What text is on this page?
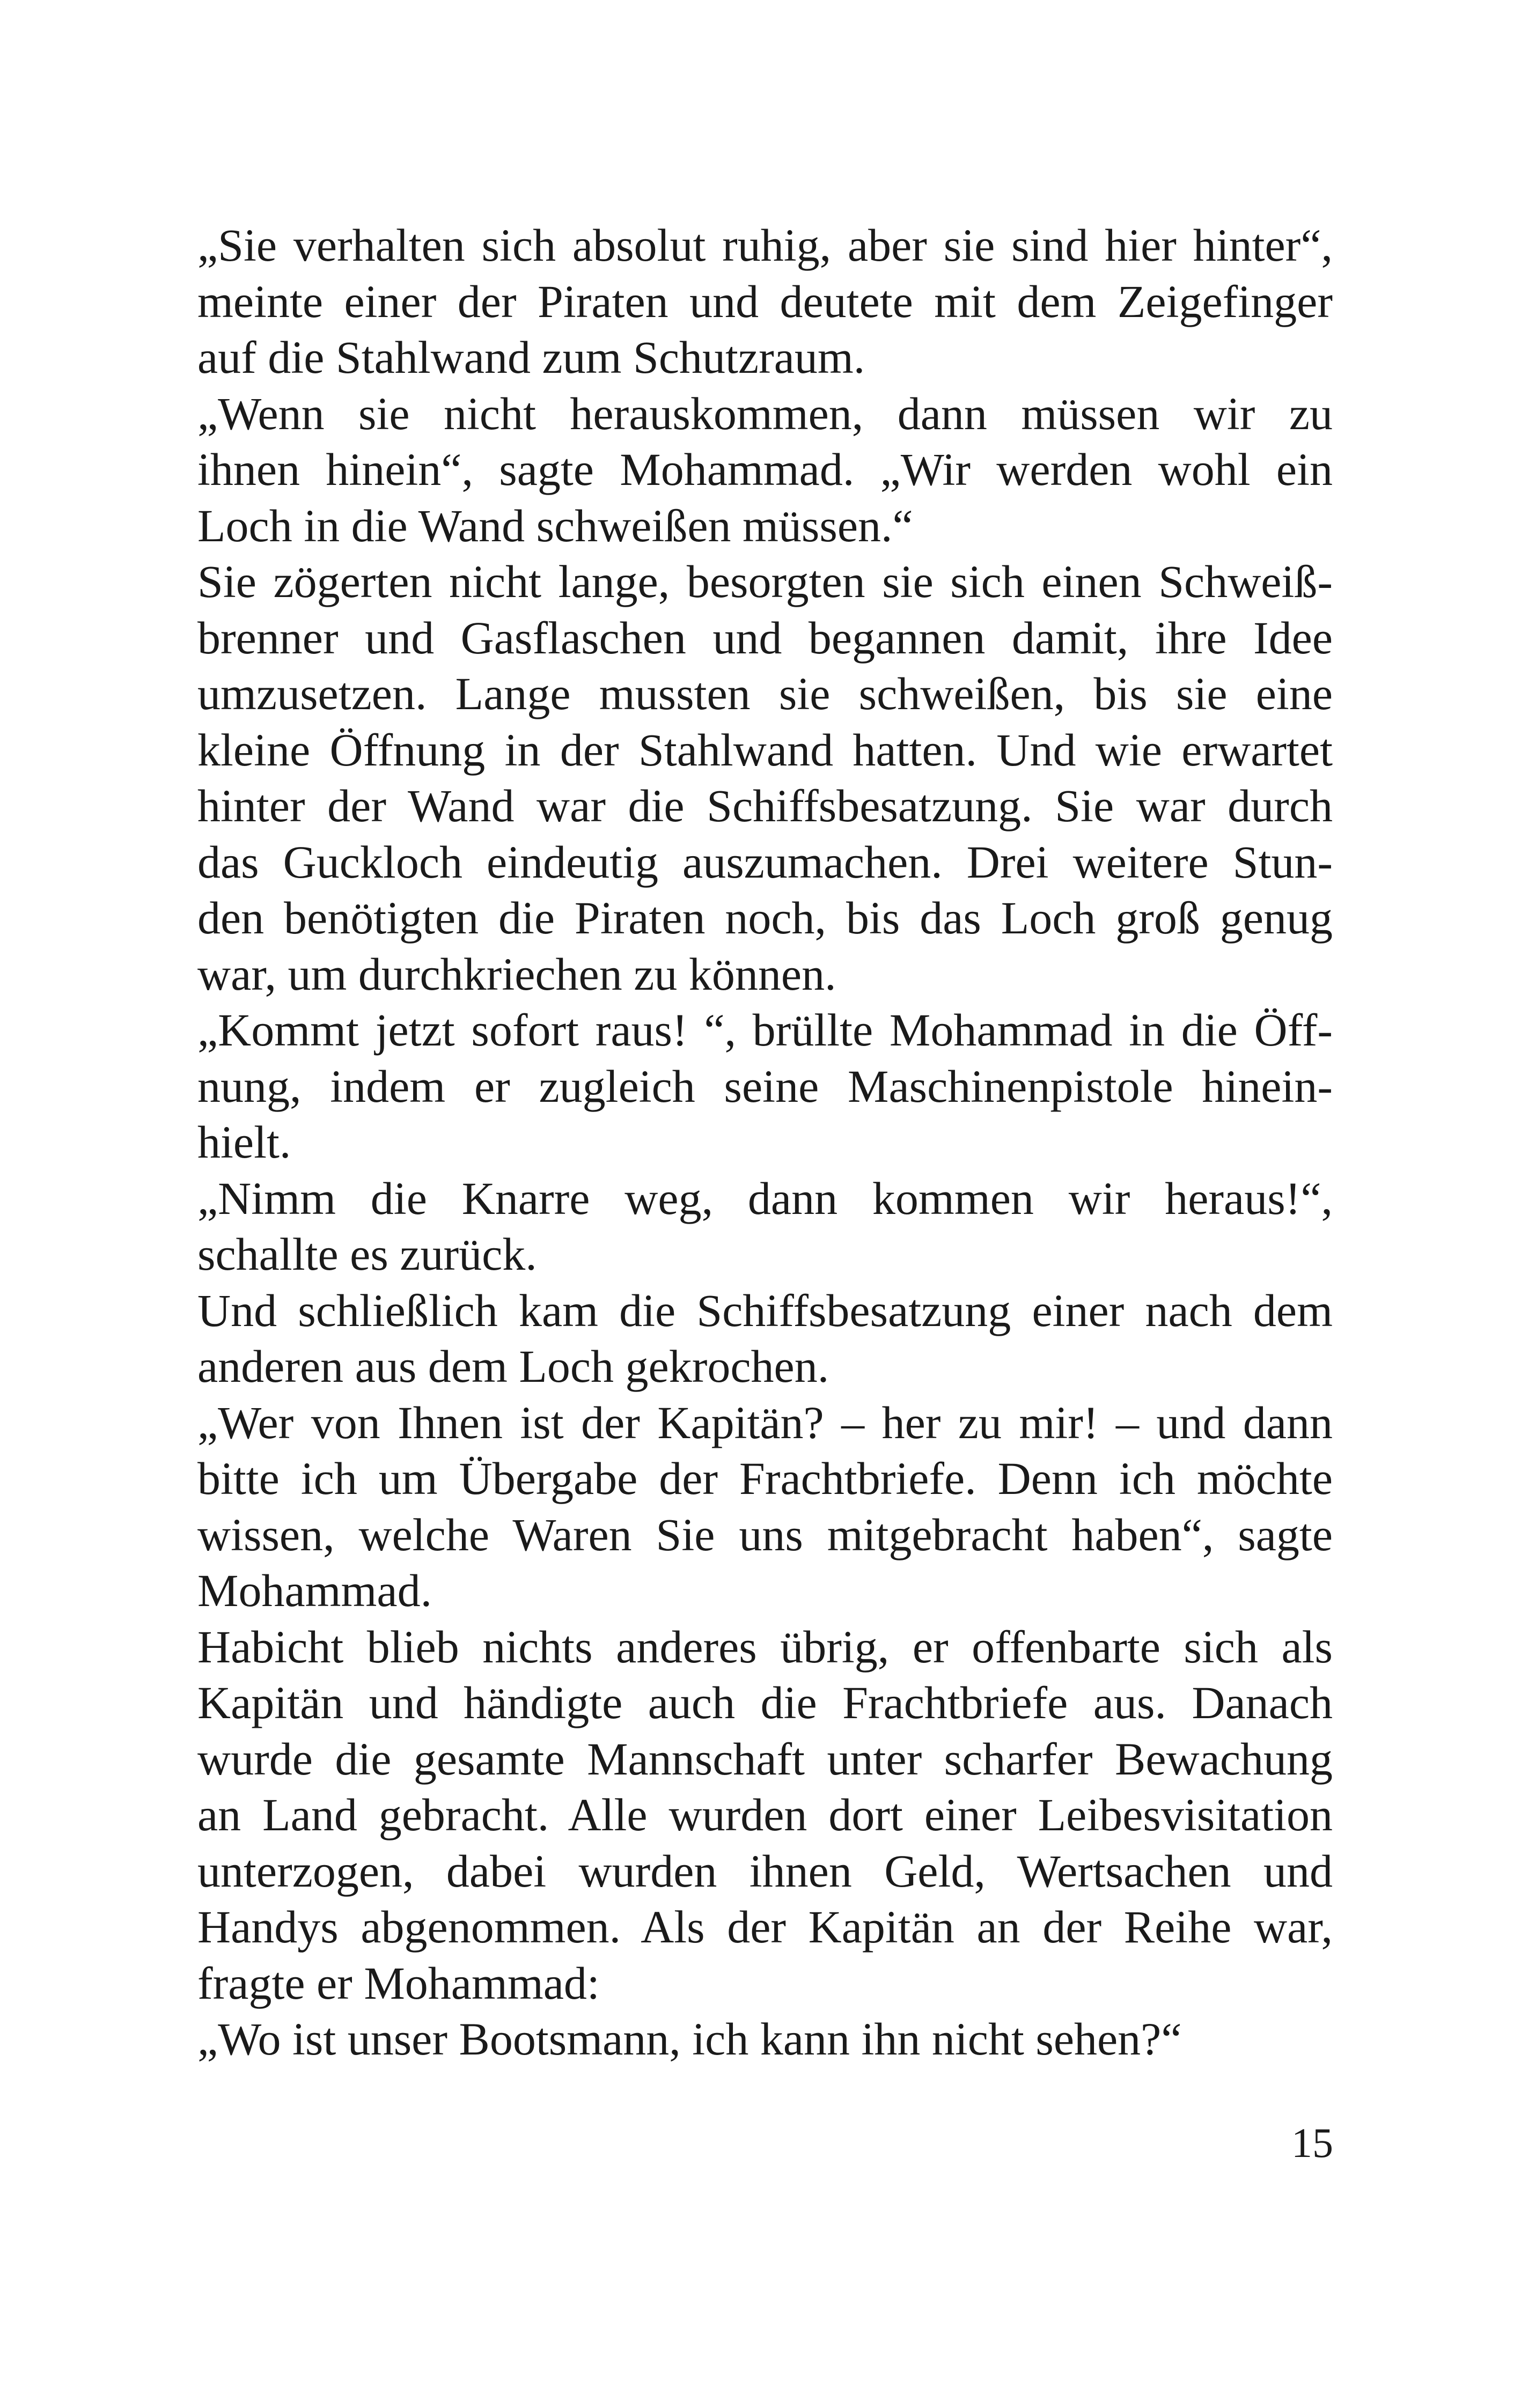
„Sie verhalten sich absolut ruhig, aber sie sind hier hinter“,
meinte einer der Piraten und deutete mit dem Zeigefinger
auf die Stahlwand zum Schutzraum.
„Wenn sie nicht herauskommen, dann müssen wir zu
ihnen hinein“, sagte Mohammad. „Wir werden wohl ein
Loch in die Wand schweißen müssen.“
Sie zögerten nicht lange, besorgten sie sich einen Schweiß-
brenner und Gasflaschen und begannen damit, ihre Idee
umzusetzen. Lange mussten sie schweißen, bis sie eine
kleine Öffnung in der Stahlwand hatten. Und wie erwartet
hinter der Wand war die Schiffsbesatzung. Sie war durch
das Guckloch eindeutig auszumachen. Drei weitere Stun-
den benötigten die Piraten noch, bis das Loch groß genug
war, um durchkriechen zu können.
„Kommt jetzt sofort raus! “, brüllte Mohammad in die Öff-
nung, indem er zugleich seine Maschinenpistole hinein-
hielt.
„Nimm die Knarre weg, dann kommen wir heraus!“,
schallte es zurück.
Und schließlich kam die Schiffsbesatzung einer nach dem
anderen aus dem Loch gekrochen.
„Wer von Ihnen ist der Kapitän? – her zu mir! – und dann
bitte ich um Übergabe der Frachtbriefe. Denn ich möchte
wissen, welche Waren Sie uns mitgebracht haben“, sagte
Mohammad.
Habicht blieb nichts anderes übrig, er offenbarte sich als
Kapitän und händigte auch die Frachtbriefe aus. Danach
wurde die gesamte Mannschaft unter scharfer Bewachung
an Land gebracht. Alle wurden dort einer Leibesvisitation
unterzogen, dabei wurden ihnen Geld, Wertsachen und
Handys abgenommen. Als der Kapitän an der Reihe war,
fragte er Mohammad:
„Wo ist unser Bootsmann, ich kann ihn nicht sehen?“
15
